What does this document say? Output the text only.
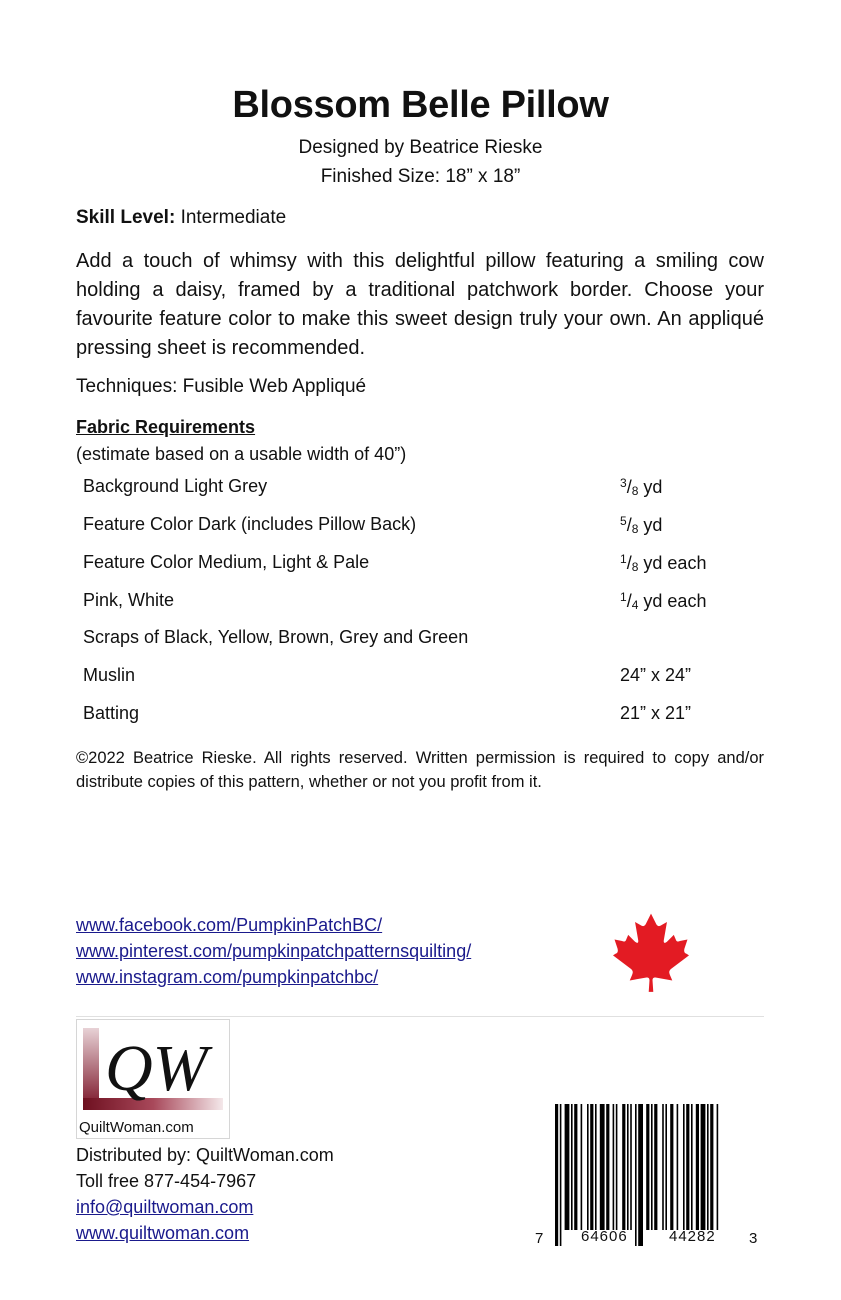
Blossom Belle Pillow
Designed by Beatrice Rieske
Finished Size: 18” x 18”
Skill Level: Intermediate
Add a touch of whimsy with this delightful pillow featuring a smiling cow holding a daisy, framed by a traditional patchwork border. Choose your favourite feature color to make this sweet design truly your own. An appliqué pressing sheet is recommended.
Techniques: Fusible Web Appliqué
Fabric Requirements
(estimate based on a usable width of 40”)
Background Light Grey	$^3/_8$ yd
Feature Color Dark (includes Pillow Back)	$^5/_8$ yd
Feature Color Medium, Light & Pale	$^1/_8$ yd each
Pink, White	$^1/_4$ yd each
Scraps of Black, Yellow, Brown, Grey and Green
Muslin	24” x 24”
Batting	21” x 21”
©2022 Beatrice Rieske. All rights reserved. Written permission is required to copy and/or distribute copies of this pattern, whether or not you profit from it.
www.facebook.com/PumpkinPatchBC/
www.pinterest.com/pumpkinpatchpatternsquilting/
www.instagram.com/pumpkinpatchbc/
QW
QuiltWoman.com
Distributed by: QuiltWoman.com
Toll free 877-454-7967
info@quiltwoman.com
www.quiltwoman.com	7	64606	44282 3
